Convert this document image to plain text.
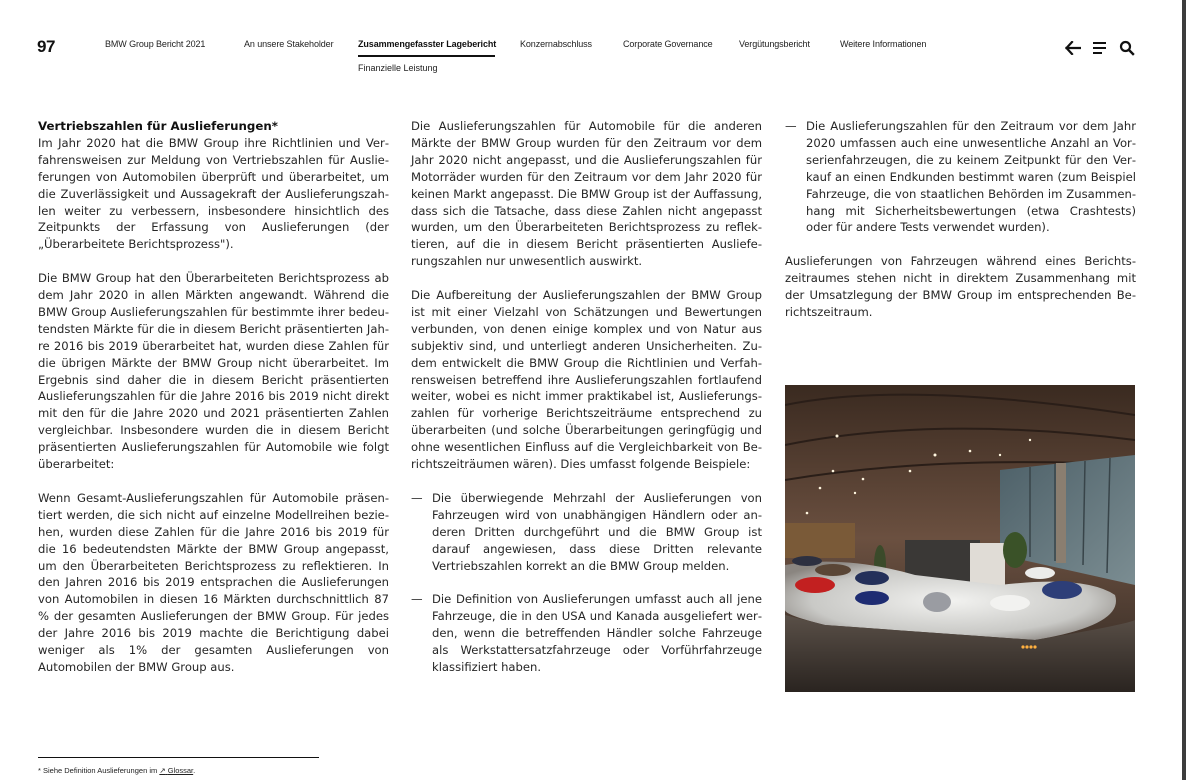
97	BMW Group Bericht 2021	An unsere Stakeholder	Zusammengefasster Lagebericht	Konzernabschluss	Corporate Governance	Vergütungsbericht	Weitere Informationen
Finanzielle Leistung
Vertriebszahlen für Auslieferungen*

Im Jahr 2020 hat die BMW Group ihre Richtlinien und Verfahrensweisen zur Meldung von Vertriebszahlen für Auslieferungen von Automobilen überprüft und überarbeitet, um die Zuverlässigkeit und Aussagekraft der Auslieferungszahlen weiter zu verbessern, insbesondere hinsichtlich des Zeitpunkts der Erfassung von Auslieferungen (der „Überarbeitete Berichtsprozess").

Die BMW Group hat den Überarbeiteten Berichtsprozess ab dem Jahr 2020 in allen Märkten angewandt. Während die BMW Group Auslieferungszahlen für bestimmte ihrer bedeutendsten Märkte für die in diesem Bericht präsentierten Jahre 2016 bis 2019 überarbeitet hat, wurden diese Zahlen für die übrigen Märkte der BMW Group nicht überarbeitet. Im Ergebnis sind daher die in diesem Bericht präsentierten Auslieferungszahlen für die Jahre 2016 bis 2019 nicht direkt mit den für die Jahre 2020 und 2021 präsentierten Zahlen vergleichbar. Insbesondere wurden die in diesem Bericht präsentierten Auslieferungszahlen für Automobile wie folgt überarbeitet:

Wenn Gesamt-Auslieferungszahlen für Automobile präsentiert werden, die sich nicht auf einzelne Modellreihen beziehen, wurden diese Zahlen für die Jahre 2016 bis 2019 für die 16 bedeutendsten Märkte der BMW Group angepasst, um den Überarbeiteten Berichtsprozess zu reflektieren. In den Jahren 2016 bis 2019 entsprachen die Auslieferungen von Automobilen in diesen 16 Märkten durchschnittlich 87 % der gesamten Auslieferungen der BMW Group. Für jedes der Jahre 2016 bis 2019 machte die Berichtigung dabei weniger als 1% der gesamten Auslieferungen von Automobilen der BMW Group aus.

Die Auslieferungszahlen für Automobile für die anderen Märkte der BMW Group wurden für den Zeitraum vor dem Jahr 2020 nicht angepasst, und die Auslieferungszahlen für Motorräder wurden für den Zeitraum vor dem Jahr 2020 für keinen Markt angepasst. Die BMW Group ist der Auffassung, dass sich die Tatsache, dass diese Zahlen nicht angepasst wurden, um den Überarbeiteten Berichtsprozess zu reflektieren, auf die in diesem Bericht präsentierten Auslieferungszahlen nur unwesentlich auswirkt.

Die Aufbereitung der Auslieferungszahlen der BMW Group ist mit einer Vielzahl von Schätzungen und Bewertungen verbunden, von denen einige komplex und von Natur aus subjektiv sind, und unterliegt anderen Unsicherheiten. Zudem entwickelt die BMW Group die Richtlinien und Verfahrensweisen betreffend ihre Auslieferungszahlen fortlaufend weiter, wobei es nicht immer praktikabel ist, Auslieferungszahlen für vorherige Berichtszeiträume entsprechend zu überarbeiten (und solche Überarbeitungen geringfügig und ohne wesentlichen Einfluss auf die Vergleichbarkeit von Berichtszeiträumen wären). Dies umfasst folgende Beispiele:

— Die überwiegende Mehrzahl der Auslieferungen von Fahrzeugen wird von unabhängigen Händlern oder anderen Dritten durchgeführt und die BMW Group ist darauf angewiesen, dass diese Dritten relevante Vertriebszahlen korrekt an die BMW Group melden.
— Die Definition von Auslieferungen umfasst auch all jene Fahrzeuge, die in den USA und Kanada ausgeliefert werden, wenn die betreffenden Händler solche Fahrzeuge als Werkstattersatzfahrzeuge oder Vorführfahrzeuge klassifiziert haben.
— Die Auslieferungszahlen für den Zeitraum vor dem Jahr 2020 umfassen auch eine unwesentliche Anzahl an Vorserienfahrzeugen, die zu keinem Zeitpunkt für den Verkauf an einen Endkunden bestimmt waren (zum Beispiel Fahrzeuge, die von staatlichen Behörden im Zusammenhang mit Sicherheitsbewertungen (etwa Crashtests) oder für andere Tests verwendet wurden).

Auslieferungen von Fahrzeugen während eines Berichtszeitraumes stehen nicht in direktem Zusammenhang mit der Umsatzlegung der BMW Group im entsprechenden Berichtszeitraum.

* Siehe Definition Auslieferungen im ↗ Glossar.
